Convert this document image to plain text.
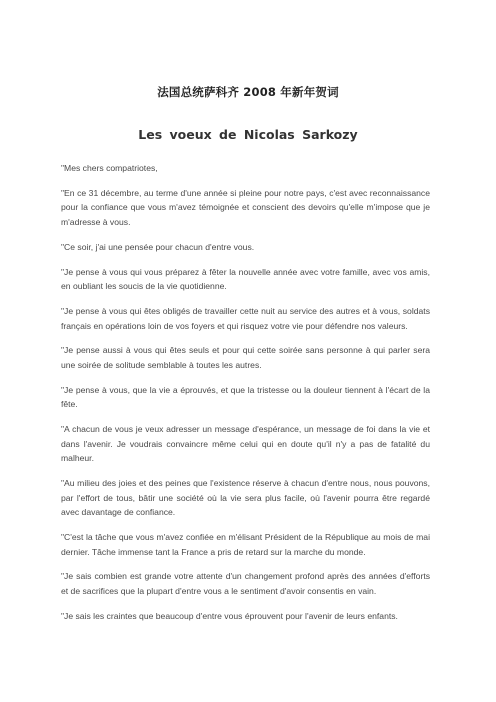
法国总统萨科齐 2008 年新年贺词
Les voeux de Nicolas Sarkozy

"Mes chers compatriotes,

"En ce 31 décembre, au terme d'une année si pleine pour notre pays, c'est avec reconnaissance pour la confiance que vous m'avez témoignée et conscient des devoirs qu'elle m'impose que je m'adresse à vous.

"Ce soir, j'ai une pensée pour chacun d'entre vous.

"Je pense à vous qui vous préparez à fêter la nouvelle année avec votre famille, avec vos amis, en oubliant les soucis de la vie quotidienne.

"Je pense à vous qui êtes obligés de travailler cette nuit au service des autres et à vous, soldats français en opérations loin de vos foyers et qui risquez votre vie pour défendre nos valeurs.

"Je pense aussi à vous qui êtes seuls et pour qui cette soirée sans personne à qui parler sera une soirée de solitude semblable à toutes les autres.

"Je pense à vous, que la vie a éprouvés, et que la tristesse ou la douleur tiennent à l'écart de la fête.

"A chacun de vous je veux adresser un message d'espérance, un message de foi dans la vie et dans l'avenir. Je voudrais convaincre même celui qui en doute qu'il n'y a pas de fatalité du malheur.

"Au milieu des joies et des peines que l'existence réserve à chacun d'entre nous, nous pouvons, par l'effort de tous, bâtir une société où la vie sera plus facile, où l'avenir pourra être regardé avec davantage de confiance.

"C'est la tâche que vous m'avez confiée en m'élisant Président de la République au mois de mai dernier. Tâche immense tant la France a pris de retard sur la marche du monde.

"Je sais combien est grande votre attente d'un changement profond après des années d'efforts et de sacrifices que la plupart d'entre vous a le sentiment d'avoir consentis en vain.

"Je sais les craintes que beaucoup d'entre vous éprouvent pour l'avenir de leurs enfants.
